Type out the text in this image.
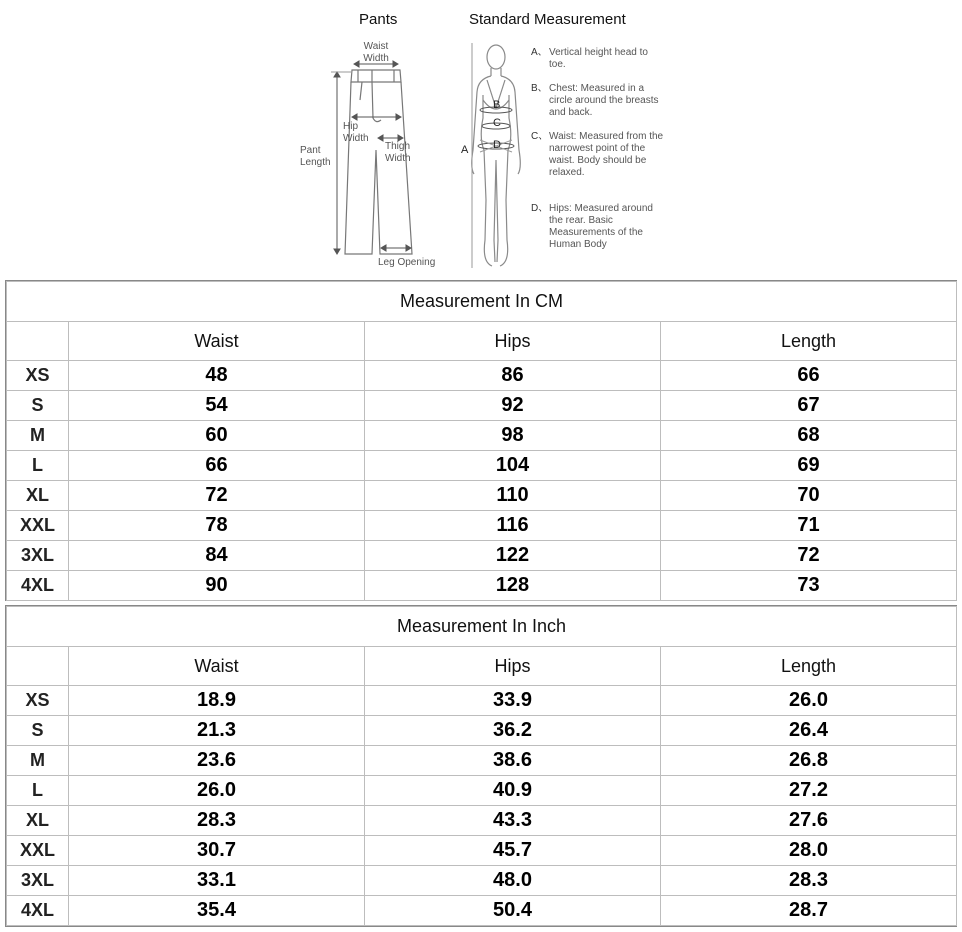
Pants	Standard Measurement
Waist
Width
Hip
Width
Thigh
Width
Pant
Length
Leg Opening
A
B
C
D
A、 Vertical height head to toe.
B、 Chest: Measured in a circle around the breasts and back.
C、 Waist: Measured from the narrowest point of the waist. Body should be relaxed.
D、 Hips: Measured around the rear. Basic Measurements of the Human Body
Measurement In CM			
	Waist	Hips	Length
XS	48	86	66
S	54	92	67
M	60	98	68
L	66	104	69
XL	72	110	70
XXL	78	116	71
3XL	84	122	72
4XL	90	128	73
Measurement In Inch			
	Waist	Hips	Length
XS	18.9	33.9	26.0
S	21.3	36.2	26.4
M	23.6	38.6	26.8
L	26.0	40.9	27.2
XL	28.3	43.3	27.6
XXL	30.7	45.7	28.0
3XL	33.1	48.0	28.3
4XL	35.4	50.4	28.7
